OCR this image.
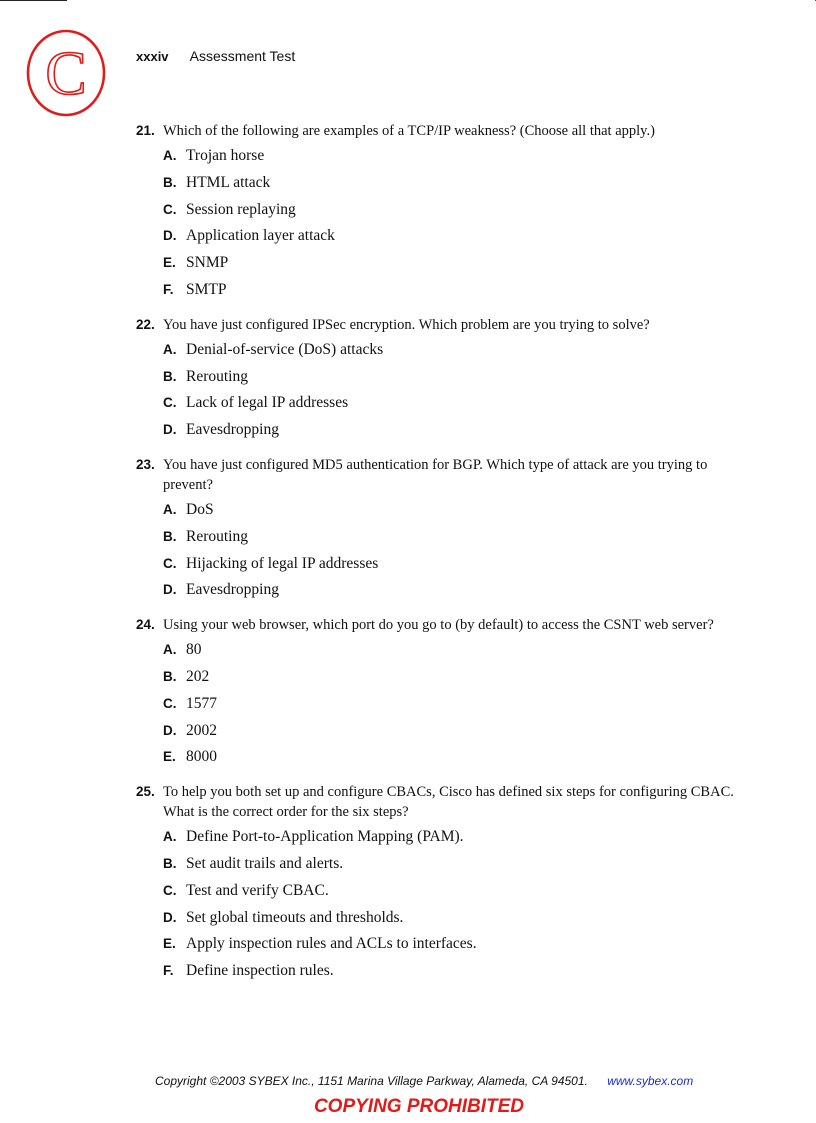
C	xxxiv Assessment Test
21. Which of the following are examples of a TCP/IP weakness? (Choose all that apply.)
A. Trojan horse
B. HTML attack
C. Session replaying
D. Application layer attack
E. SNMP
F. SMTP
22. You have just configured IPSec encryption. Which problem are you trying to solve?
A. Denial-of-service (DoS) attacks
B. Rerouting
C. Lack of legal IP addresses
D. Eavesdropping
23. You have just configured MD5 authentication for BGP. Which type of attack are you trying to prevent?
A. DoS
B. Rerouting
C. Hijacking of legal IP addresses
D. Eavesdropping
24. Using your web browser, which port do you go to (by default) to access the CSNT web server?
A. 80
B. 202
C. 1577
D. 2002
E. 8000
25. To help you both set up and configure CBACs, Cisco has defined six steps for configuring CBAC. What is the correct order for the six steps?
A. Define Port-to-Application Mapping (PAM).
B. Set audit trails and alerts.
C. Test and verify CBAC.
D. Set global timeouts and thresholds.
E. Apply inspection rules and ACLs to interfaces.
F. Define inspection rules.
Copyright ©2003 SYBEX Inc., 1151 Marina Village Parkway, Alameda, CA 94501. www.sybex.com
COPYING PROHIBITED
